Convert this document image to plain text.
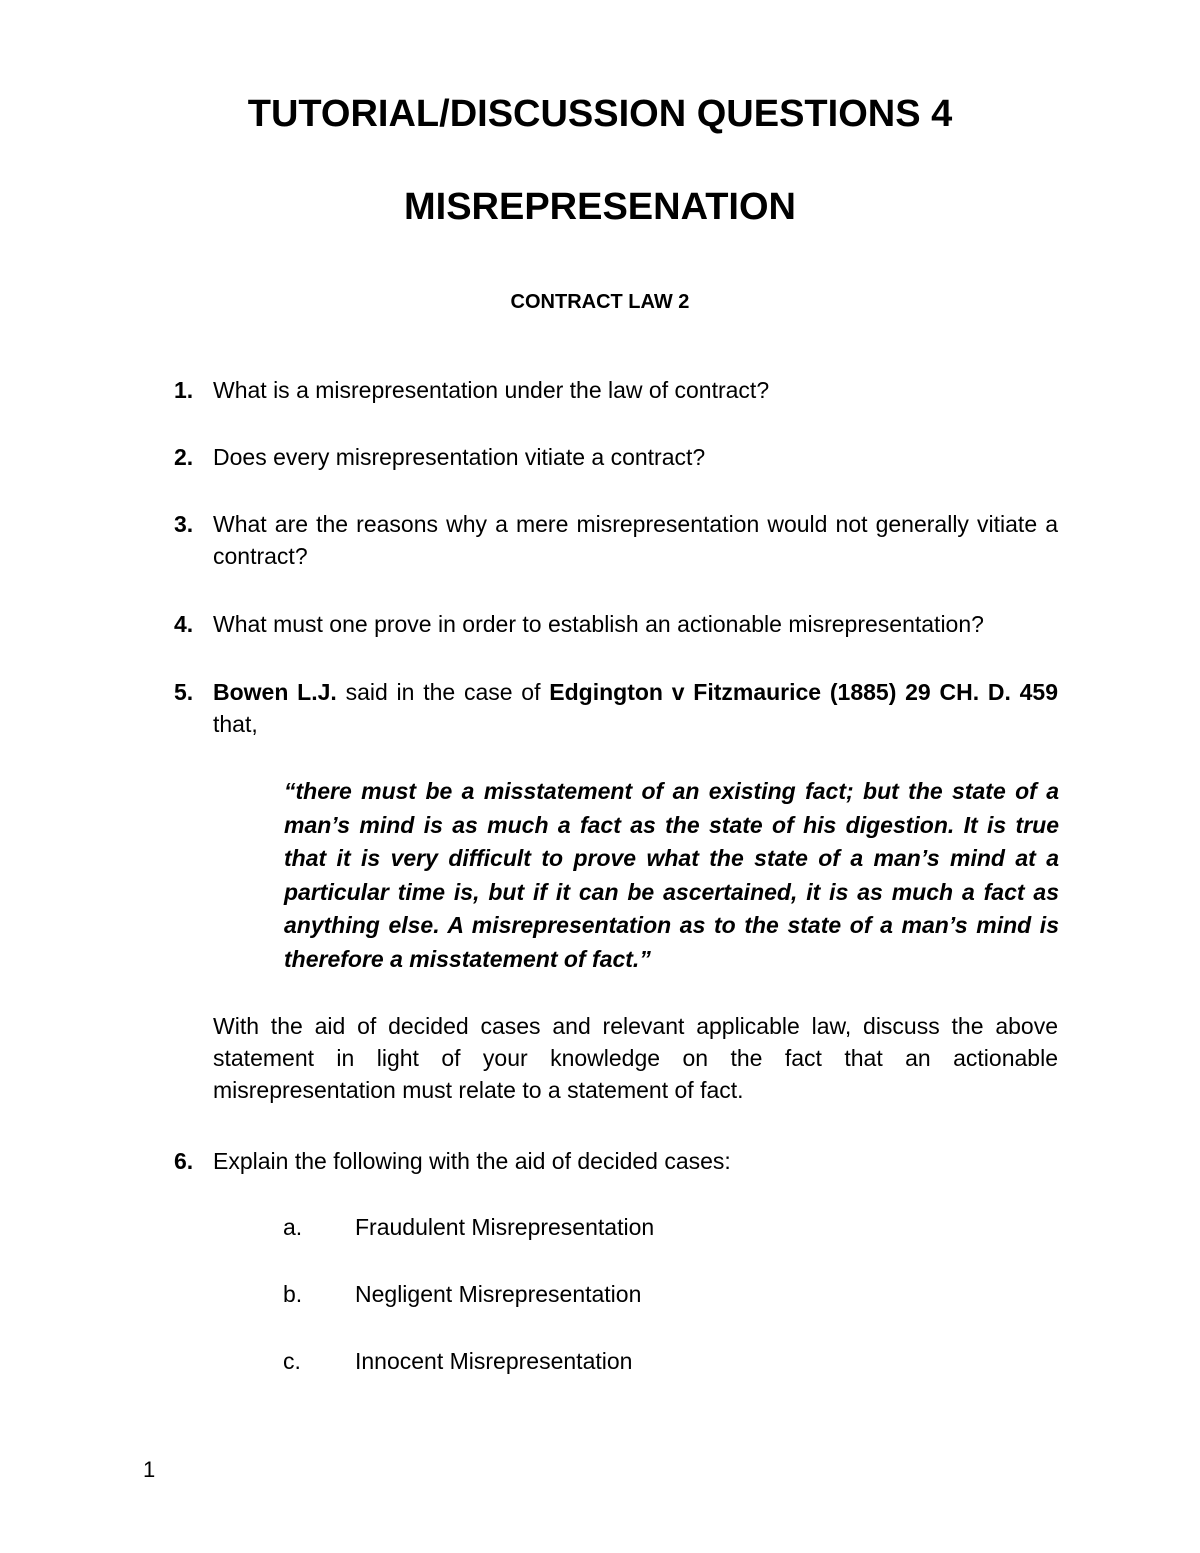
TUTORIAL/DISCUSSION QUESTIONS 4
MISREPRESENATION
CONTRACT LAW 2
1. What is a misrepresentation under the law of contract?
2. Does every misrepresentation vitiate a contract?
3. What are the reasons why a mere misrepresentation would not generally vitiate a contract?
4. What must one prove in order to establish an actionable misrepresentation?
5. Bowen L.J. said in the case of Edgington v Fitzmaurice (1885) 29 CH. D. 459 that,
“there must be a misstatement of an existing fact; but the state of a man’s mind is as much a fact as the state of his digestion. It is true that it is very difficult to prove what the state of a man’s mind at a particular time is, but if it can be ascertained, it is as much a fact as anything else. A misrepresentation as to the state of a man’s mind is therefore a misstatement of fact.”
With the aid of decided cases and relevant applicable law, discuss the above statement in light of your knowledge on the fact that an actionable misrepresentation must relate to a statement of fact.
6. Explain the following with the aid of decided cases:
a. Fraudulent Misrepresentation
b. Negligent Misrepresentation
c. Innocent Misrepresentation
1
